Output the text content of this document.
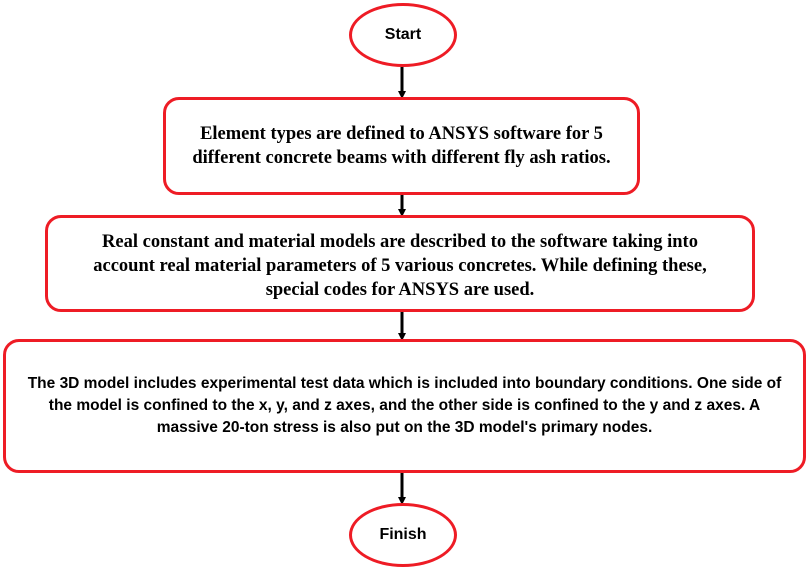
Start
Element types are defined to ANSYS software for 5 different concrete beams with different fly ash ratios.
Real constant and material models are described to the software taking into account real material parameters of 5 various concretes. While defining these, special codes for ANSYS are used.
The 3D model includes experimental test data which is included into boundary conditions. One side of the model is confined to the x, y, and z axes, and the other side is confined to the y and z axes. A massive 20-ton stress is also put on the 3D model's primary nodes.
Finish
